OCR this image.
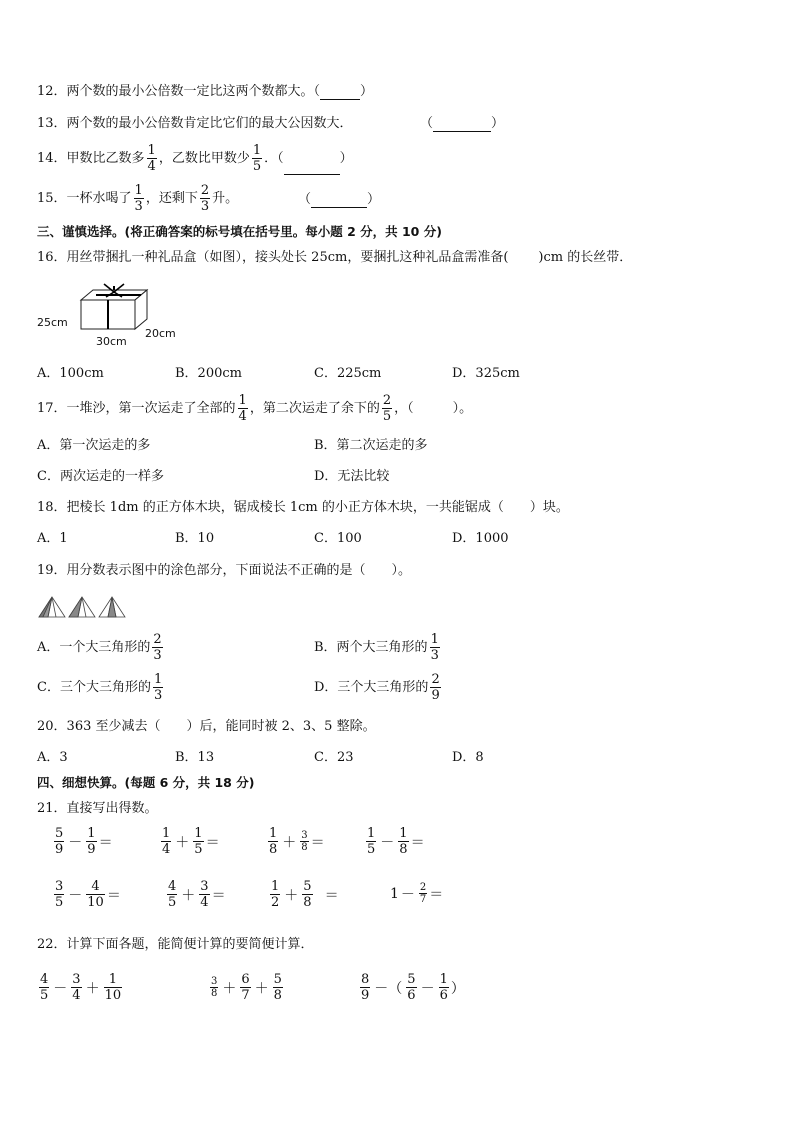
12．两个数的最小公倍数一定比这两个数都大。（	）
13．两个数的最小公倍数肯定比它们的最大公因数大．	（	）
14．甲数比乙数多 $\frac{1}{4}$ ，乙数比甲数少 $\frac{1}{5}$ ．（	）
15．一杯水喝了 $\frac{1}{3}$ ，还剩下 $\frac{2}{3}$ 升。	（	）
三、谨慎选择。(将正确答案的标号填在括号里。每小题 2 分，共 10 分)
16．用丝带捆扎一种礼品盒（如图），接头处长 25cm，要捆扎这种礼品盒需准备( )cm 的长丝带．
25cm
30cm
20cm
A．100cm	B．200cm	C．225cm	D．325cm
17．一堆沙，第一次运走了全部的 $\frac{1}{4}$ ，第二次运走了余下的 $\frac{2}{5}$ ，（　　　）。
A．第一次运走的多	B．第二次运走的多
C．两次运走的一样多	D．无法比较
18．把棱长 1dm 的正方体木块，锯成棱长 1cm 的小正方体木块，一共能锯成（　　）块。
A．1	B．10	C．100	D．1000
19．用分数表示图中的涂色部分，下面说法不正确的是（　　）。
A．一个大三角形的 $\frac{2}{3}$	B．两个大三角形的 $\frac{1}{3}$
C．三个大三角形的 $\frac{1}{3}$	D．三个大三角形的 $\frac{2}{9}$
20．363 至少减去（　　）后，能同时被 2、3、5 整除。
A．3	B．13	C．23	D．8
四、细想快算。(每题 6 分，共 18 分)
21．直接写出得数。
$\frac{5}{9} - \frac{1}{9}$ ＝	$\frac{1}{4} + \frac{1}{5}$ ＝	$\frac{1}{8} + \frac{3}{8}$ ＝	$\frac{1}{5} - \frac{1}{8}$ ＝
$\frac{3}{5} - \frac{4}{10}$ ＝	$\frac{4}{5} + \frac{3}{4}$ ＝	$\frac{1}{2} + \frac{5}{8}$ ＝	$1 - \frac{2}{7}$ ＝
22．计算下面各题，能简便计算的要简便计算．
$\frac{4}{5} - \frac{3}{4} + \frac{1}{10}$	$\frac{3}{8} + \frac{6}{7} + \frac{5}{8}$	$\frac{8}{9}$ －（ $\frac{5}{6} - \frac{1}{6}$ ）
